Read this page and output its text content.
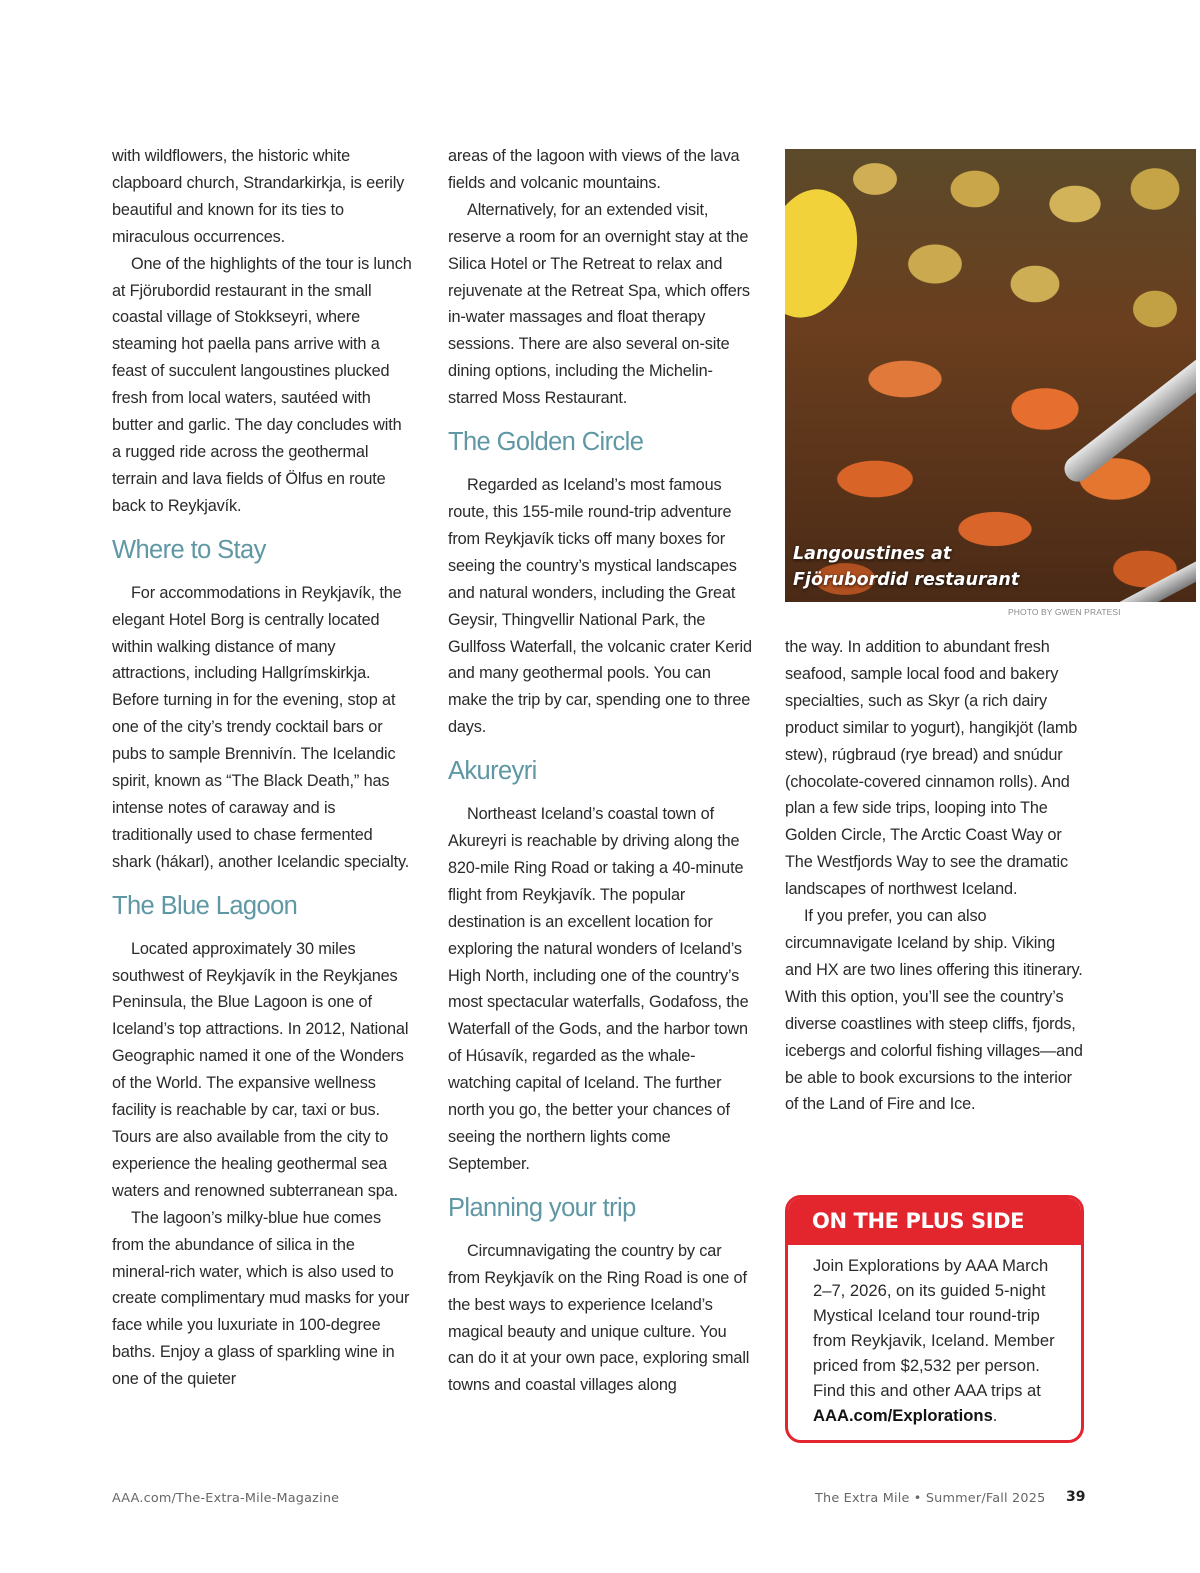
with wildflowers, the historic white clapboard church, Strandarkirkja, is eerily beautiful and known for its ties to miraculous occurrences.

One of the highlights of the tour is lunch at Fjörubordid restaurant in the small coastal village of Stokkseyri, where steaming hot paella pans arrive with a feast of succulent langoustines plucked fresh from local waters, sautéed with butter and garlic. The day concludes with a rugged ride across the geothermal terrain and lava fields of Ölfus en route back to Reykjavík.

Where to Stay

For accommodations in Reykjavík, the elegant Hotel Borg is centrally located within walking distance of many attractions, including Hallgrímskirkja. Before turning in for the evening, stop at one of the city’s trendy cocktail bars or pubs to sample Brennivín. The Icelandic spirit, known as “The Black Death,” has intense notes of caraway and is traditionally used to chase fermented shark (hákarl), another Icelandic specialty.

The Blue Lagoon

Located approximately 30 miles southwest of Reykjavík in the Reykjanes Peninsula, the Blue Lagoon is one of Iceland’s top attractions. In 2012, National Geographic named it one of the Wonders of the World. The expansive wellness facility is reachable by car, taxi or bus. Tours are also available from the city to experience the healing geothermal sea waters and renowned subterranean spa.

The lagoon’s milky-blue hue comes from the abundance of silica in the mineral-rich water, which is also used to create complimentary mud masks for your face while you luxuriate in 100-degree baths. Enjoy a glass of sparkling wine in one of the quieter

areas of the lagoon with views of the lava fields and volcanic mountains.

Alternatively, for an extended visit, reserve a room for an overnight stay at the Silica Hotel or The Retreat to relax and rejuvenate at the Retreat Spa, which offers in-water massages and float therapy sessions. There are also several on-site dining options, including the Michelin-starred Moss Restaurant.

The Golden Circle

Regarded as Iceland’s most famous route, this 155-mile round-trip adventure from Reykjavík ticks off many boxes for seeing the country’s mystical landscapes and natural wonders, including the Great Geysir, Thingvellir National Park, the Gullfoss Waterfall, the volcanic crater Kerid and many geothermal pools. You can make the trip by car, spending one to three days.

Akureyri

Northeast Iceland’s coastal town of Akureyri is reachable by driving along the 820-mile Ring Road or taking a 40-minute flight from Reykjavík. The popular destination is an excellent location for exploring the natural wonders of Iceland’s High North, including one of the country’s most spectacular waterfalls, Godafoss, the Waterfall of the Gods, and the harbor town of Húsavík, regarded as the whale-watching capital of Iceland. The further north you go, the better your chances of seeing the northern lights come September.

Planning your trip

Circumnavigating the country by car from Reykjavík on the Ring Road is one of the best ways to experience Iceland’s magical beauty and unique culture. You can do it at your own pace, exploring small towns and coastal villages along

Langoustines at
Fjörubordid restaurant
PHOTO BY GWEN PRATESI

the way. In addition to abundant fresh seafood, sample local food and bakery specialties, such as Skyr (a rich dairy product similar to yogurt), hangikjöt (lamb stew), rúgbraud (rye bread) and snúdur (chocolate-covered cinnamon rolls). And plan a few side trips, looping into The Golden Circle, The Arctic Coast Way or The Westfjords Way to see the dramatic landscapes of northwest Iceland.

If you prefer, you can also circumnavigate Iceland by ship. Viking and HX are two lines offering this itinerary. With this option, you’ll see the country’s diverse coastlines with steep cliffs, fjords, icebergs and colorful fishing villages—and be able to book excursions to the interior of the Land of Fire and Ice.

ON THE PLUS SIDE
Join Explorations by AAA March 2–7, 2026, on its guided 5-night Mystical Iceland tour round-trip from Reykjavik, Iceland. Member priced from $2,532 per person. Find this and other AAA trips at AAA.com/Explorations.
AAA.com/The-Extra-Mile-Magazine	The Extra Mile • Summer/Fall 2025 39
